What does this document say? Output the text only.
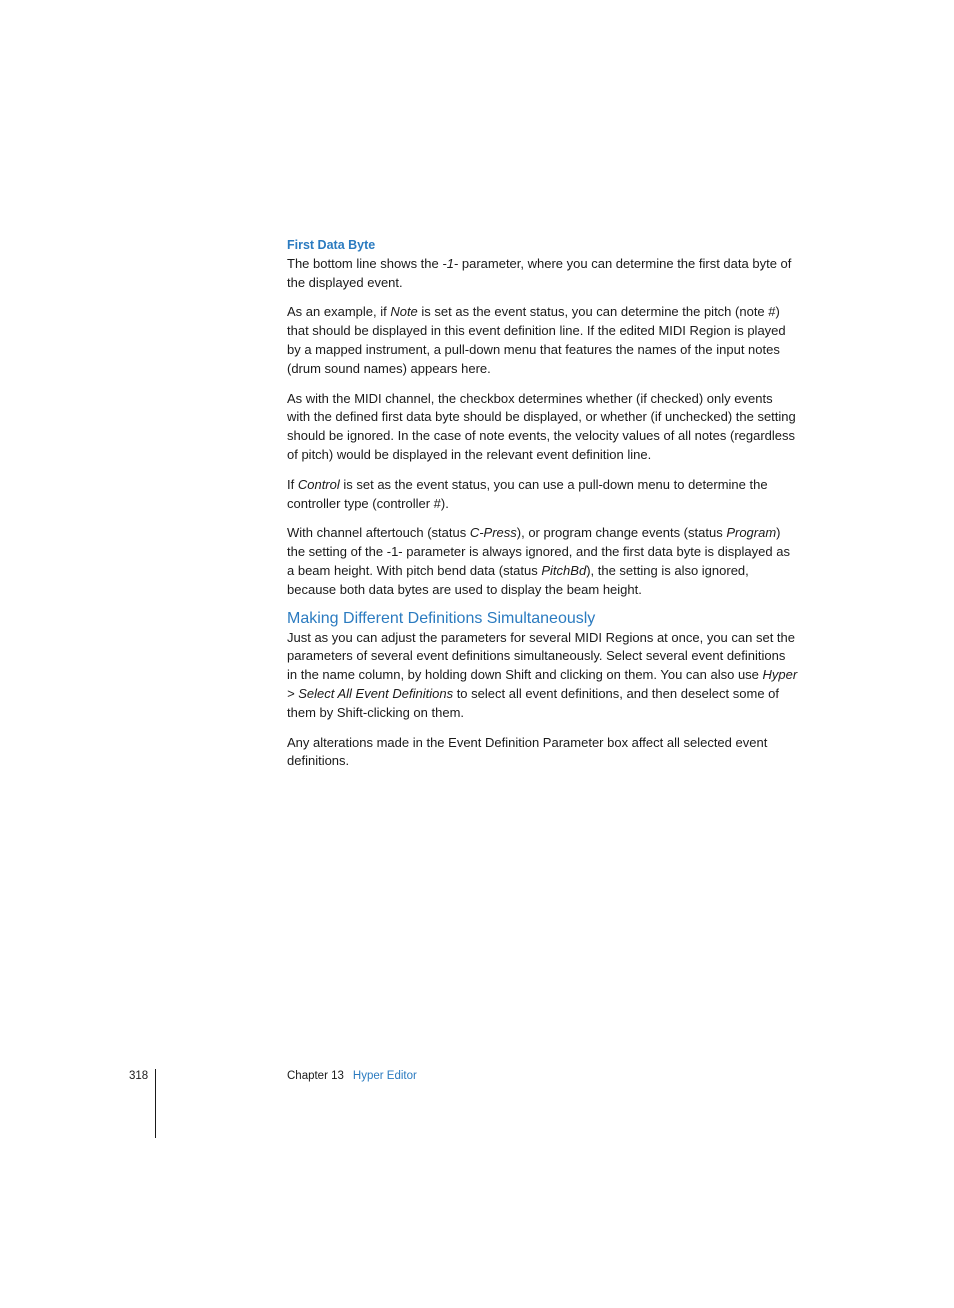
First Data Byte

The bottom line shows the -1- parameter, where you can determine the first data byte of the displayed event.

As an example, if Note is set as the event status, you can determine the pitch (note #) that should be displayed in this event definition line. If the edited MIDI Region is played by a mapped instrument, a pull-down menu that features the names of the input notes (drum sound names) appears here.

As with the MIDI channel, the checkbox determines whether (if checked) only events with the defined first data byte should be displayed, or whether (if unchecked) the setting should be ignored. In the case of note events, the velocity values of all notes (regardless of pitch) would be displayed in the relevant event definition line.

If Control is set as the event status, you can use a pull-down menu to determine the controller type (controller #).

With channel aftertouch (status C-Press), or program change events (status Program) the setting of the -1- parameter is always ignored, and the first data byte is displayed as a beam height. With pitch bend data (status PitchBd), the setting is also ignored, because both data bytes are used to display the beam height.

Making Different Definitions Simultaneously

Just as you can adjust the parameters for several MIDI Regions at once, you can set the parameters of several event definitions simultaneously. Select several event definitions in the name column, by holding down Shift and clicking on them. You can also use Hyper > Select All Event Definitions to select all event definitions, and then deselect some of them by Shift-clicking on them.

Any alterations made in the Event Definition Parameter box affect all selected event definitions.

318	Chapter 13 Hyper Editor
